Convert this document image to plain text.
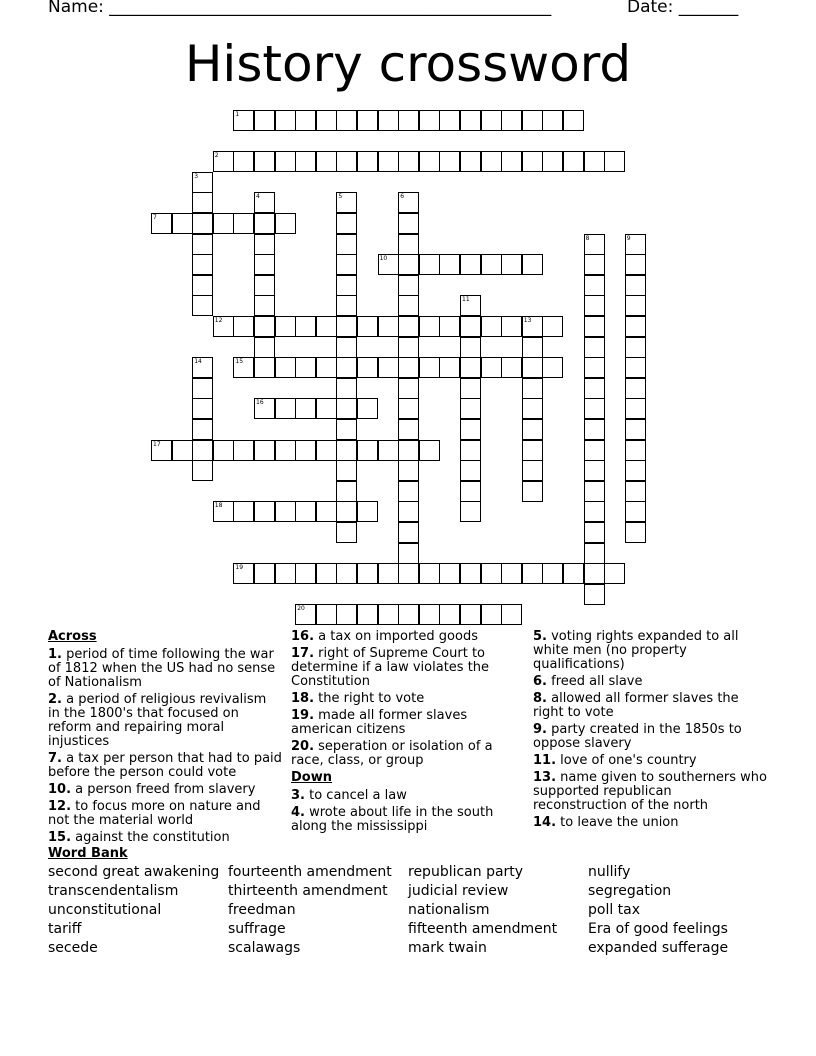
Name: ____________________________________________________	Date: _______
History crossword
1
2
3
4	5	6
7
8	9
10
11
12	13
14	15
16
17
18
19
20
Across
1. period of time following the war of 1812 when the US had no sense of Nationalism
2. a period of religious revivalism in the 1800's that focused on reform and repairing moral injustices
7. a tax per person that had to paid before the person could vote
10. a person freed from slavery
12. to focus more on nature and not the material world
15. against the constitution
16. a tax on imported goods
17. right of Supreme Court to determine if a law violates the Constitution
18. the right to vote
19. made all former slaves american citizens
20. seperation or isolation of a race, class, or group
Down
3. to cancel a law
4. wrote about life in the south along the mississippi
5. voting rights expanded to all white men (no property qualifications)
6. freed all slave
8. allowed all former slaves the right to vote
9. party created in the 1850s to oppose slavery
11. love of one's country
13. name given to southerners who supported republican reconstruction of the north
14. to leave the union
Word Bank
second great awakening
transcendentalism
unconstitutional
tariff
secede
fourteenth amendment
thirteenth amendment
freedman
suffrage
scalawags
republican party
judicial review
nationalism
fifteenth amendment
mark twain
nullify
segregation
poll tax
Era of good feelings
expanded sufferage
